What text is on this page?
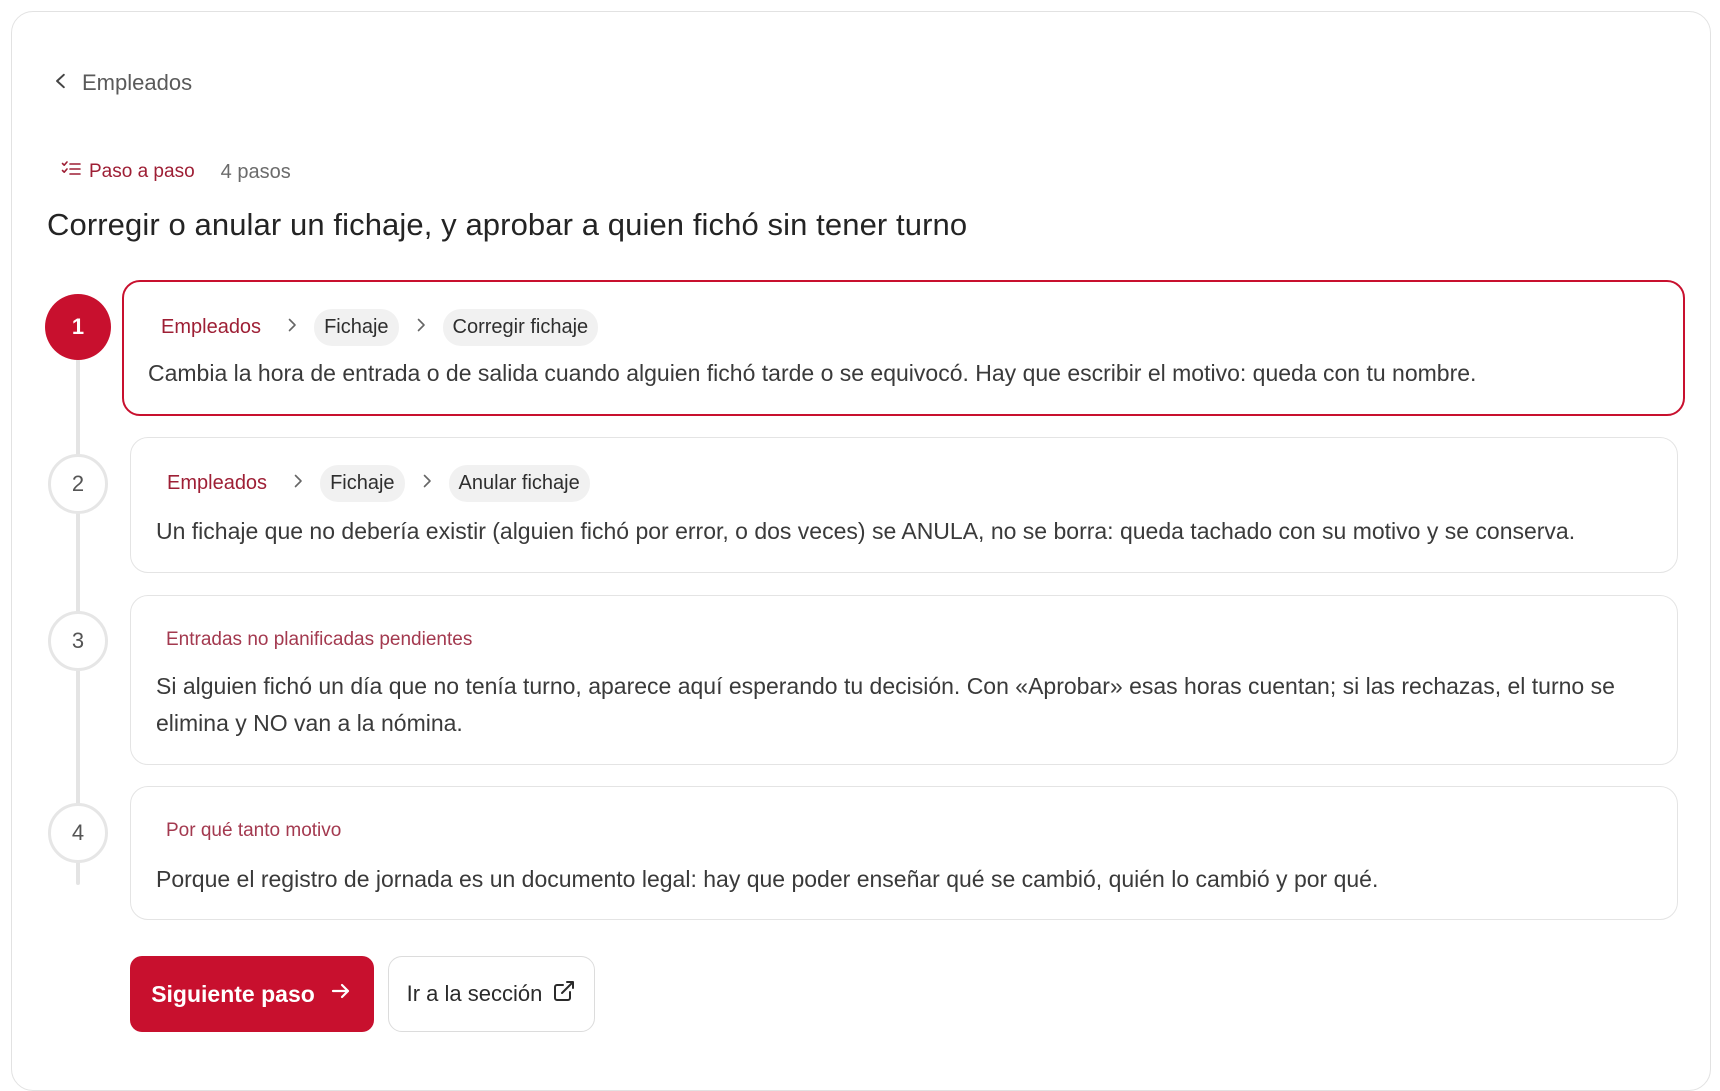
Empleados
Paso a paso 4 pasos
Corregir o anular un fichaje, y aprobar a quien fichó sin tener turno
1	Empleados	Fichaje	Corregir fichaje
Cambia la hora de entrada o de salida cuando alguien fichó tarde o se equivocó. Hay que escribir el motivo: queda con tu nombre.
2	Empleados	Fichaje	Anular fichaje
Un fichaje que no debería existir (alguien fichó por error, o dos veces) se ANULA, no se borra: queda tachado con su motivo y se conserva.
3	Entradas no planificadas pendientes
Si alguien fichó un día que no tenía turno, aparece aquí esperando tu decisión. Con «Aprobar» esas horas cuentan; si las rechazas, el turno se
elimina y NO van a la nómina.
4	Por qué tanto motivo
Porque el registro de jornada es un documento legal: hay que poder enseñar qué se cambió, quién lo cambió y por qué.
Siguiente paso	Ir a la sección
